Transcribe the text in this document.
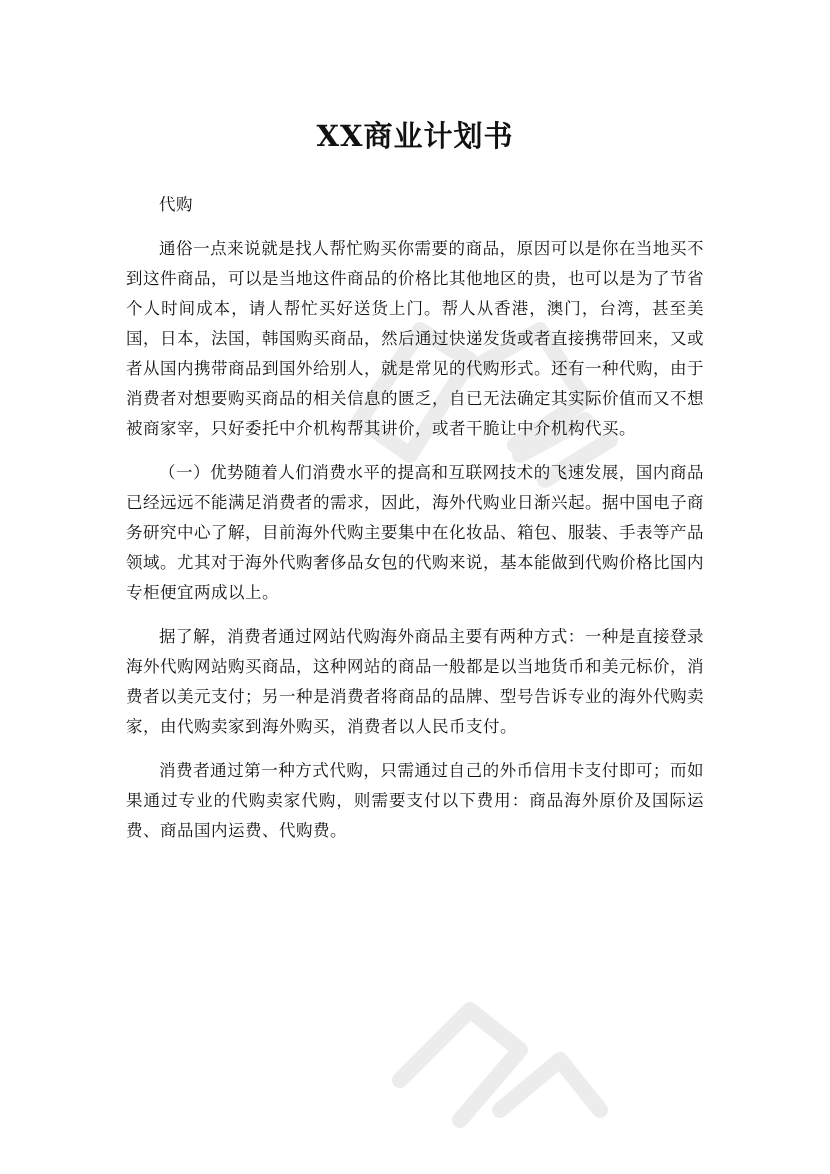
XX商业计划书

代购

通俗一点来说就是找人帮忙购买你需要的商品，原因可以是你在当地买不到这件商品，可以是当地这件商品的价格比其他地区的贵，也可以是为了节省个人时间成本，请人帮忙买好送货上门。帮人从香港，澳门，台湾，甚至美国，日本，法国，韩国购买商品，然后通过快递发货或者直接携带回来，又或者从国内携带商品到国外给别人，就是常见的代购形式。还有一种代购，由于消费者对想要购买商品的相关信息的匮乏，自已无法确定其实际价值而又不想被商家宰，只好委托中介机构帮其讲价，或者干脆让中介机构代买。

（一）优势随着人们消费水平的提高和互联网技术的飞速发展，国内商品已经远远不能满足消费者的需求，因此，海外代购业日渐兴起。据中国电子商务研究中心了解，目前海外代购主要集中在化妆品、箱包、服装、手表等产品领域。尤其对于海外代购奢侈品女包的代购来说，基本能做到代购价格比国内专柜便宜两成以上。

据了解，消费者通过网站代购海外商品主要有两种方式：一种是直接登录海外代购网站购买商品，这种网站的商品一般都是以当地货币和美元标价，消费者以美元支付；另一种是消费者将商品的品牌、型号告诉专业的海外代购卖家，由代购卖家到海外购买，消费者以人民币支付。

消费者通过第一种方式代购，只需通过自己的外币信用卡支付即可；而如果通过专业的代购卖家代购，则需要支付以下费用：商品海外原价及国际运费、商品国内运费、代购费。
